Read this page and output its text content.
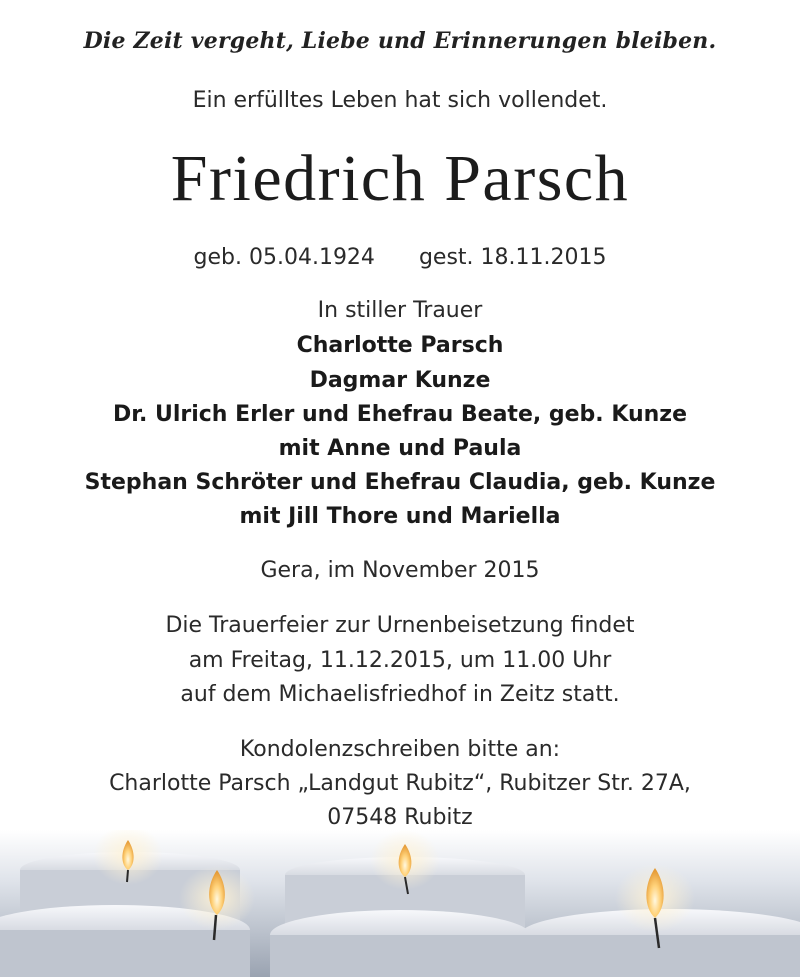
Die Zeit vergeht, Liebe und Erinnerungen bleiben.

Ein erfülltes Leben hat sich vollendet.

Friedrich Parsch

geb. 05.04.1924 gest. 18.11.2015

In stiller Trauer

Charlotte Parsch

Dagmar Kunze

Dr. Ulrich Erler und Ehefrau Beate, geb. Kunze

mit Anne und Paula

Stephan Schröter und Ehefrau Claudia, geb. Kunze

mit Jill Thore und Mariella

Gera, im November 2015

Die Trauerfeier zur Urnenbeisetzung findet

am Freitag, 11.12.2015, um 11.00 Uhr

auf dem Michaelisfriedhof in Zeitz statt.

Kondolenzschreiben bitte an:

Charlotte Parsch „Landgut Rubitz“, Rubitzer Str. 27A,

07548 Rubitz
